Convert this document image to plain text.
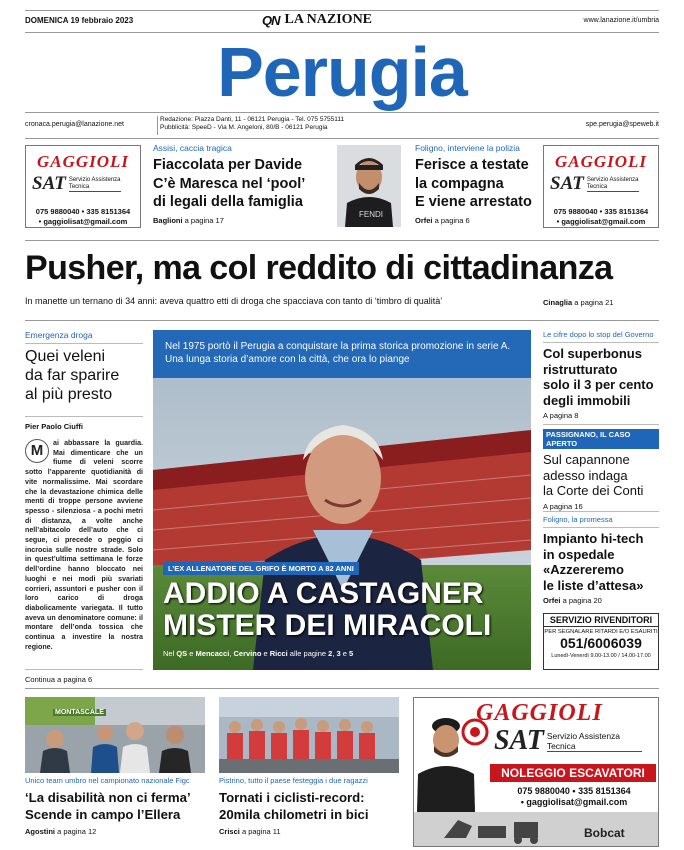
DOMENICA 19 febbraio 2023	QN LA NAZIONE	www.lanazione.it/umbria
Perugia
cronaca.perugia@lanazione.net
Redazione: Piazza Danti, 11 - 06121 Perugia - Tel. 075 5755111
Pubblicità: SpeeD - Via M. Angeloni, 80/B - 06121 Perugia	spe.perugia@speweb.it
GAGGIOLI
SAT Servizio Assistenza Tecnica
075 9880040 • 335 8151364
• gaggiolisat@gmail.com
Assisi, caccia tragica
Fiaccolata per Davide
C’è Maresca nel ‘pool’
di legali della famiglia
Baglioni a pagina 17
FENDI
Foligno, interviene la polizia
Ferisce a testate
la compagna
E viene arrestato
Orfei a pagina 6
GAGGIOLI
SAT Servizio Assistenza Tecnica
075 9880040 • 335 8151364
• gaggiolisat@gmail.com
Pusher, ma col reddito di cittadinanza
In manette un ternano di 34 anni: aveva quattro etti di droga che spacciava con tanto di ‘timbro di qualità’	Cinaglia a pagina 21
Emergenza droga
Quei veleni
da far sparire
al più presto
Pier Paolo Ciuffi
M	ai abbassare la guardia. Mai dimenticare che un fiume di veleni scorre sotto l’apparente quotidianità di vite normalissime. Mai scordare che la devastazione chimica delle menti di troppe persone avviene spesso - silenziosa - a pochi metri di distanza, a volte anche nell’abitacolo dell’auto che ci segue, ci precede o peggio ci incrocia sulle nostre strade. Solo in quest’ultima settimana le forze dell’ordine hanno bloccato nei luoghi e nei modi più svariati corrieri, assuntori e pusher con il loro carico di droga diabolicamente variegata. Il tutto aveva un denominatore comune: il montare dell’onda tossica che continua a investire la nostra regione.
Continua a pagina 6
Nel 1975 portò il Perugia a conquistare la prima storica promozione in serie A. Una lunga storia d’amore con la città, che ora lo piange
L’EX ALLENATORE DEL GRIFO È MORTO A 82 ANNI
ADDIO A CASTAGNER
MISTER DEI MIRACOLI
Nel QS e Mencacci, Cervino e Ricci alle pagine 2, 3 e 5
Le cifre dopo lo stop del Governo
Col superbonus
ristrutturato
solo il 3 per cento
degli immobili
A pagina 8
PASSIGNANO, IL CASO APERTO
Sul capannone
adesso indaga
la Corte dei Conti
A pagina 16
Foligno, la promessa
Impianto hi-tech
in ospedale
«Azzereremo
le liste d’attesa»
Orfei a pagina 20
SERVIZIO RIVENDITORI
PER SEGNALARE RITARDI E/O ESAURITI
051/6006039
Lunedì-Venerdì 9.00-13.00 / 14.00-17.00
MONTASCALE
Unico team umbro nel campionato nazionale Figc
‘La disabilità non ci ferma’
Scende in campo l’Ellera
Agostini a pagina 12
Pistrino, tutto il paese festeggia i due ragazzi
Tornati i ciclisti-record:
20mila chilometri in bici
Crisci a pagina 11
GAGGIOLI
SAT Servizio Assistenza Tecnica
NOLEGGIO ESCAVATORI
075 9880040 • 335 8151364
• gaggiolisat@gmail.com
Bobcat
